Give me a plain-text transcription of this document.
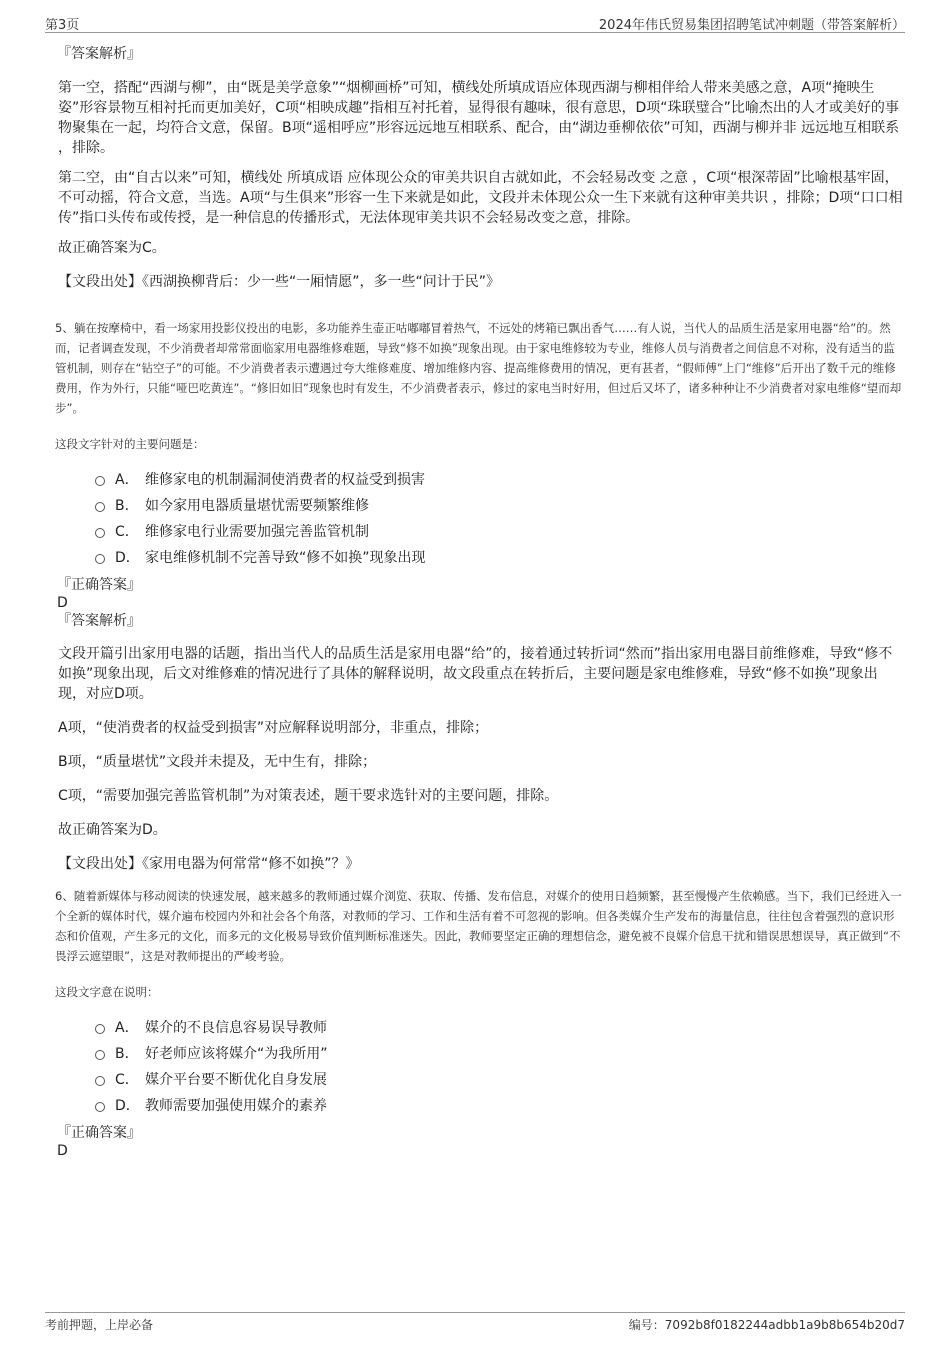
第3页	2024年伟氏贸易集团招聘笔试冲刺题（带答案解析）

『答案解析』

第一空，搭配“西湖与柳”，由“既是美学意象”“烟柳画桥”可知，横线处所填成语应体现西湖与柳相伴给人带来美感之意，A项“掩映生姿”形容景物互相衬托而更加美好，C项“相映成趣”指相互衬托着，显得很有趣味，很有意思，D项“珠联璧合”比喻杰出的人才或美好的事物聚集在一起，均符合文意，保留。B项“遥相呼应”形容远远地互相联系、配合，由“湖边垂柳依依”可知，西湖与柳并非 远远地互相联系 ，排除。

第二空，由“自古以来”可知，横线处 所填成语 应体现公众的审美共识自古就如此，不会轻易改变 之意 ，C项“根深蒂固”比喻根基牢固，不可动摇，符合文意，当选。A项“与生俱来”形容一生下来就是如此，文段并未体现公众一生下来就有这种审美共识 ，排除；D项“口口相传”指口头传布或传授，是一种信息的传播形式，无法体现审美共识不会轻易改变之意，排除。

故正确答案为C。

【文段出处】《西湖换柳背后：少一些“一厢情愿”，多一些“问计于民”》

5、躺在按摩椅中，看一场家用投影仪投出的电影，多功能养生壶正咕嘟嘟冒着热气，不远处的烤箱已飘出香气……有人说，当代人的品质生活是家用电器“给”的。然而，记者调查发现，不少消费者却常常面临家用电器维修难题，导致“修不如换”现象出现。由于家电维修较为专业，维修人员与消费者之间信息不对称，没有适当的监管机制，则存在“钻空子”的可能。不少消费者表示遭遇过夸大维修难度、增加维修内容、提高维修费用的情况，更有甚者，“假师傅”上门“维修”后开出了数千元的维修费用，作为外行，只能“哑巴吃黄连”。“修旧如旧”现象也时有发生，不少消费者表示，修过的家电当时好用，但过后又坏了，诸多种种让不少消费者对家电维修“望而却步”。

这段文字针对的主要问题是：

A． 维修家电的机制漏洞使消费者的权益受到损害
B． 如今家用电器质量堪忧需要频繁维修
C． 维修家电行业需要加强完善监管机制
D． 家电维修机制不完善导致“修不如换”现象出现

『正确答案』

D

『答案解析』

文段开篇引出家用电器的话题，指出当代人的品质生活是家用电器“给”的，接着通过转折词“然而”指出家用电器目前维修难，导致“修不如换”现象出现，后文对维修难的情况进行了具体的解释说明，故文段重点在转折后，主要问题是家电维修难，导致“修不如换”现象出现，对应D项。

A项，“使消费者的权益受到损害”对应解释说明部分，非重点，排除；

B项，“质量堪忧”文段并未提及，无中生有，排除；

C项，“需要加强完善监管机制”为对策表述，题干要求选针对的主要问题，排除。

故正确答案为D。

【文段出处】《家用电器为何常常“修不如换”？》

6、随着新媒体与移动阅读的快速发展，越来越多的教师通过媒介浏览、获取、传播、发布信息，对媒介的使用日趋频繁，甚至慢慢产生依赖感。当下，我们已经进入一个全新的媒体时代，媒介遍布校园内外和社会各个角落，对教师的学习、工作和生活有着不可忽视的影响。但各类媒介生产发布的海量信息，往往包含着强烈的意识形态和价值观，产生多元的文化，而多元的文化极易导致价值判断标准迷失。因此，教师要坚定正确的理想信念，避免被不良媒介信息干扰和错误思想误导，真正做到“不畏浮云遮望眼”，这是对教师提出的严峻考验。

这段文字意在说明：

A． 媒介的不良信息容易误导教师
B． 好老师应该将媒介“为我所用”
C． 媒介平台要不断优化自身发展
D． 教师需要加强使用媒介的素养

『正确答案』

D

考前押题，上岸必备	编号：7092b8f0182244adbb1a9b8b654b20d7
